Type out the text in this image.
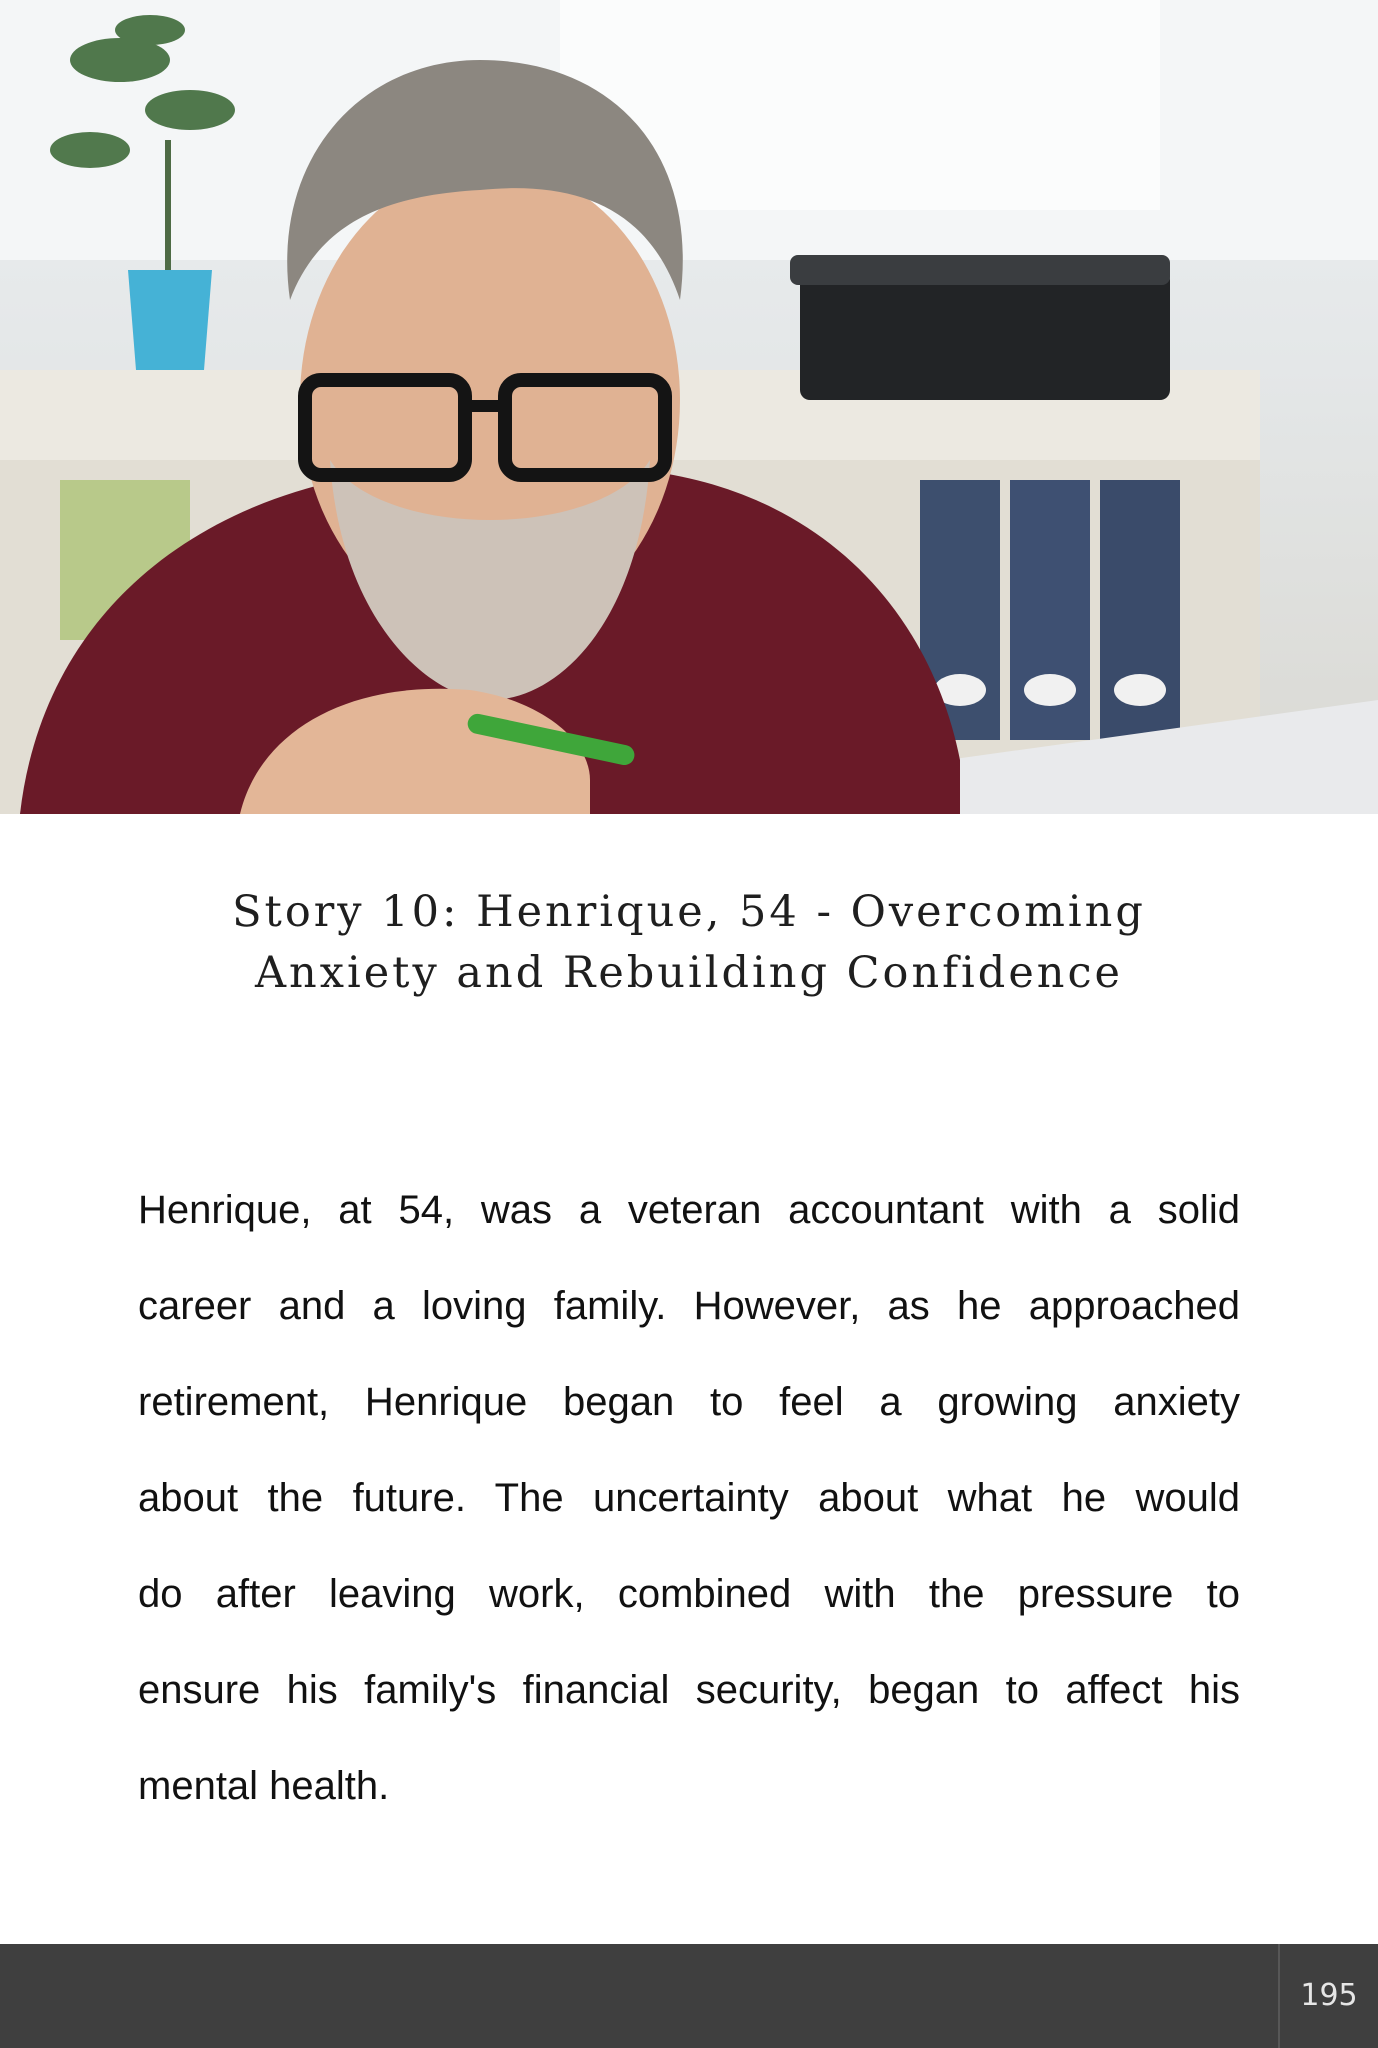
Story 10: Henrique, 54 - Overcoming
Anxiety and Rebuilding Confidence
Henrique, at 54, was a veteran accountant with a solid
career and a loving family. However, as he approached
retirement, Henrique began to feel a growing anxiety
about the future. The uncertainty about what he would
do after leaving work, combined with the pressure to
ensure his family's financial security, began to affect his
mental health.
195
